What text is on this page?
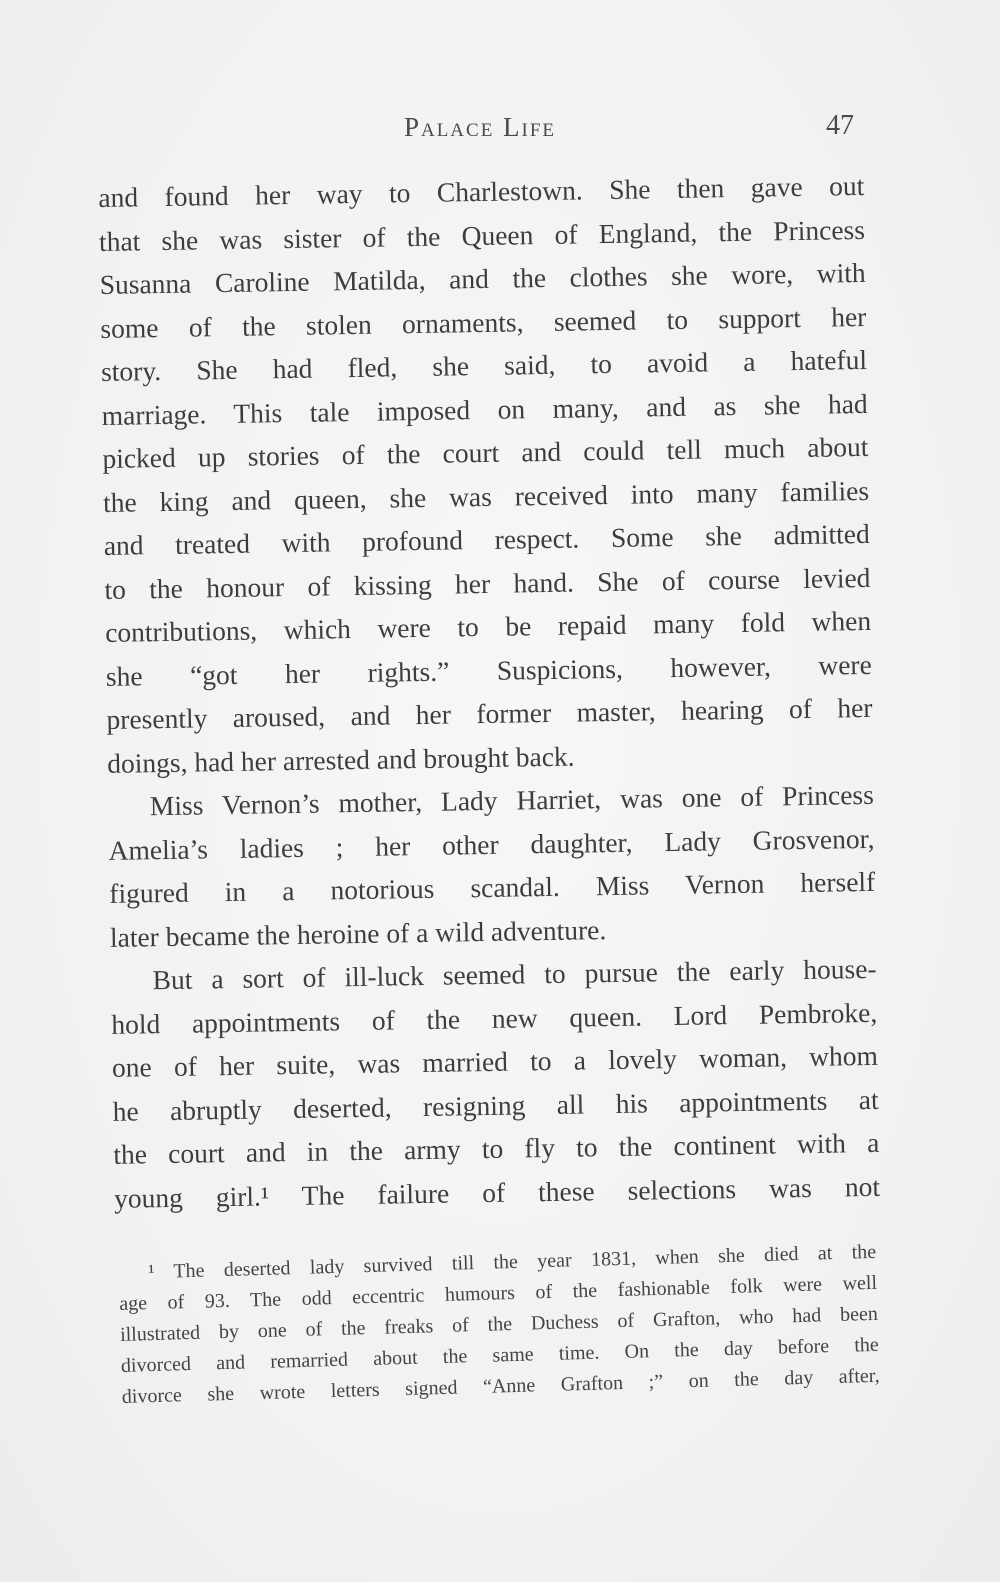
Palace Life	47
and found her way to Charlestown. She then gave out
that she was sister of the Queen of England, the Princess
Susanna Caroline Matilda, and the clothes she wore, with
some of the stolen ornaments, seemed to support her
story. She had fled, she said, to avoid a hateful
marriage. This tale imposed on many, and as she had
picked up stories of the court and could tell much about
the king and queen, she was received into many families
and treated with profound respect. Some she admitted
to the honour of kissing her hand. She of course levied
contributions, which were to be repaid many fold when
she “got her rights.” Suspicions, however, were
presently aroused, and her former master, hearing of her
doings, had her arrested and brought back.
Miss Vernon’s mother, Lady Harriet, was one of Princess
Amelia’s ladies ; her other daughter, Lady Grosvenor,
figured in a notorious scandal. Miss Vernon herself
later became the heroine of a wild adventure.
But a sort of ill-luck seemed to pursue the early house-
hold appointments of the new queen. Lord Pembroke,
one of her suite, was married to a lovely woman, whom
he abruptly deserted, resigning all his appointments at
the court and in the army to fly to the continent with a
young girl.¹ The failure of these selections was not
¹ The deserted lady survived till the year 1831, when she died at the
age of 93. The odd eccentric humours of the fashionable folk were well
illustrated by one of the freaks of the Duchess of Grafton, who had been
divorced and remarried about the same time. On the day before the
divorce she wrote letters signed “Anne Grafton ;” on the day after,
